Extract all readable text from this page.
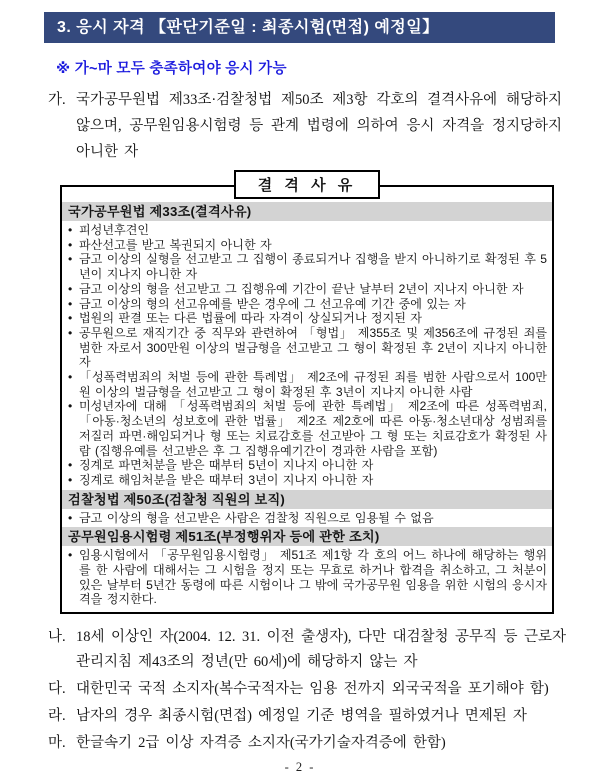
3. 응시 자격 【판단기준일 : 최종시험(면접) 예정일】
※ 가~마 모두 충족하여야 응시 가능
가. 국가공무원법 제33조·검찰청법 제50조 제3항 각호의 결격사유에 해당하지 않으며, 공무원임용시험령 등 관계 법령에 의하여 응시 자격을 정지당하지 아니한 자
결 격 사 유
국가공무원법 제33조(결격사유)
• 피성년후견인
• 파산선고를 받고 복권되지 아니한 자
• 금고 이상의 실형을 선고받고 그 집행이 종료되거나 집행을 받지 아니하기로 확정된 후 5년이 지나지 아니한 자
• 금고 이상의 형을 선고받고 그 집행유예 기간이 끝난 날부터 2년이 지나지 아니한 자
• 금고 이상의 형의 선고유예를 받은 경우에 그 선고유예 기간 중에 있는 자
• 법원의 판결 또는 다른 법률에 따라 자격이 상실되거나 정지된 자
• 공무원으로 재직기간 중 직무와 관련하여 「형법」 제355조 및 제356조에 규정된 죄를 범한 자로서 300만원 이상의 벌금형을 선고받고 그 형이 확정된 후 2년이 지나지 아니한 자
• 「성폭력범죄의 처벌 등에 관한 특례법」 제2조에 규정된 죄를 범한 사람으로서 100만원 이상의 벌금형을 선고받고 그 형이 확정된 후 3년이 지나지 아니한 사람
• 미성년자에 대해 「성폭력범죄의 처벌 등에 관한 특례법」 제2조에 따른 성폭력범죄, 「아동·청소년의 성보호에 관한 법률」 제2조 제2호에 따른 아동·청소년대상 성범죄를 저질러 파면·해임되거나 형 또는 치료감호를 선고받아 그 형 또는 치료감호가 확정된 사람 (집행유예를 선고받은 후 그 집행유예기간이 경과한 사람을 포함)
• 징계로 파면처분을 받은 때부터 5년이 지나지 아니한 자
• 징계로 해임처분을 받은 때부터 3년이 지나지 아니한 자
검찰청법 제50조(검찰청 직원의 보직)
• 금고 이상의 형을 선고받은 사람은 검찰청 직원으로 임용될 수 없음
공무원임용시험령 제51조(부정행위자 등에 관한 조치)
• 임용시험에서 「공무원임용시험령」 제51조 제1항 각 호의 어느 하나에 해당하는 행위를 한 사람에 대해서는 그 시험을 정지 또는 무효로 하거나 합격을 취소하고, 그 처분이 있은 날부터 5년간 동령에 따른 시험이나 그 밖에 국가공무원 임용을 위한 시험의 응시자격을 정지한다.
나. 18세 이상인 자(2004. 12. 31. 이전 출생자), 다만 대검찰청 공무직 등 근로자 관리지침 제43조의 정년(만 60세)에 해당하지 않는 자
다. 대한민국 국적 소지자(복수국적자는 임용 전까지 외국국적을 포기해야 함)
라. 남자의 경우 최종시험(면접) 예정일 기준 병역을 필하였거나 면제된 자
마. 한글속기 2급 이상 자격증 소지자(국가기술자격증에 한함)
- 2 -
